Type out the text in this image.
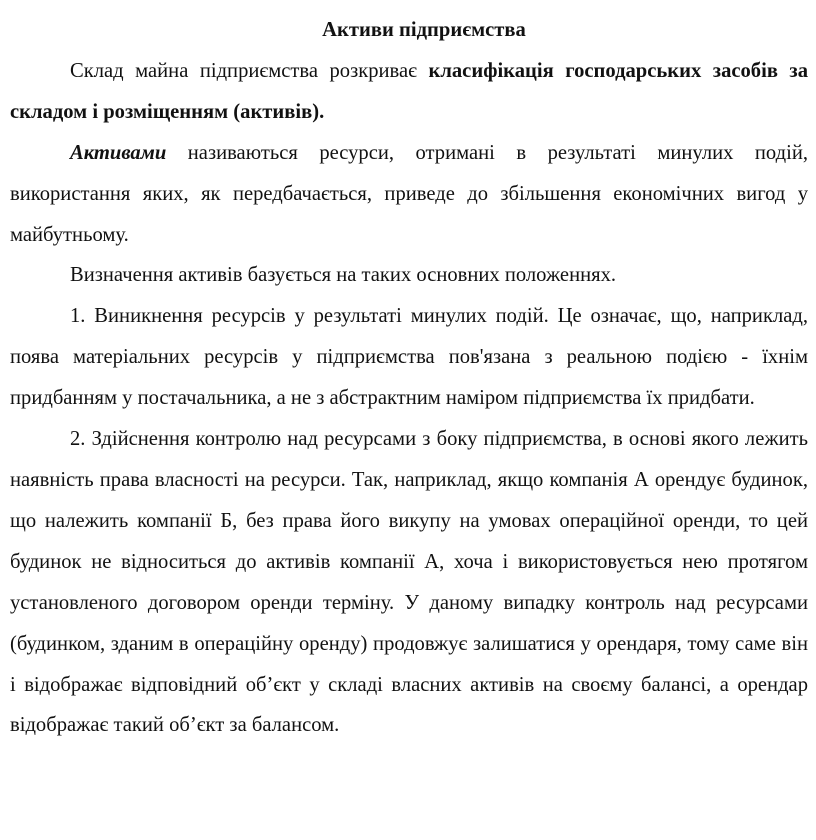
Активи підприємства

Склад майна підприємства розкриває класифікація господарських засобів за складом і розміщенням (активів).

Активами називаються ресурси, отримані в результаті минулих подій, використання яких, як передбачається, приведе до збільшення економічних вигод у майбутньому.

Визначення активів базується на таких основних положеннях.

1. Виникнення ресурсів у результаті минулих подій. Це означає, що, наприклад, поява матеріальних ресурсів у підприємства пов'язана з реальною подією - їхнім придбанням у постачальника, а не з абстрактним наміром підприємства їх придбати.

2. Здійснення контролю над ресурсами з боку підприємства, в основі якого лежить наявність права власності на ресурси. Так, наприклад, якщо компанія А орендує будинок, що належить компанії Б, без права його викупу на умовах операційної оренди, то цей будинок не відноситься до активів компанії А, хоча і використовується нею протягом установленого договором оренди терміну. У даному випадку контроль над ресурсами (будинком, зданим в операційну оренду) продовжує залишатися у орендаря, тому саме він і відображає відповідний об’єкт у складі власних активів на своєму балансі, а орендар відображає такий об’єкт за балансом.
